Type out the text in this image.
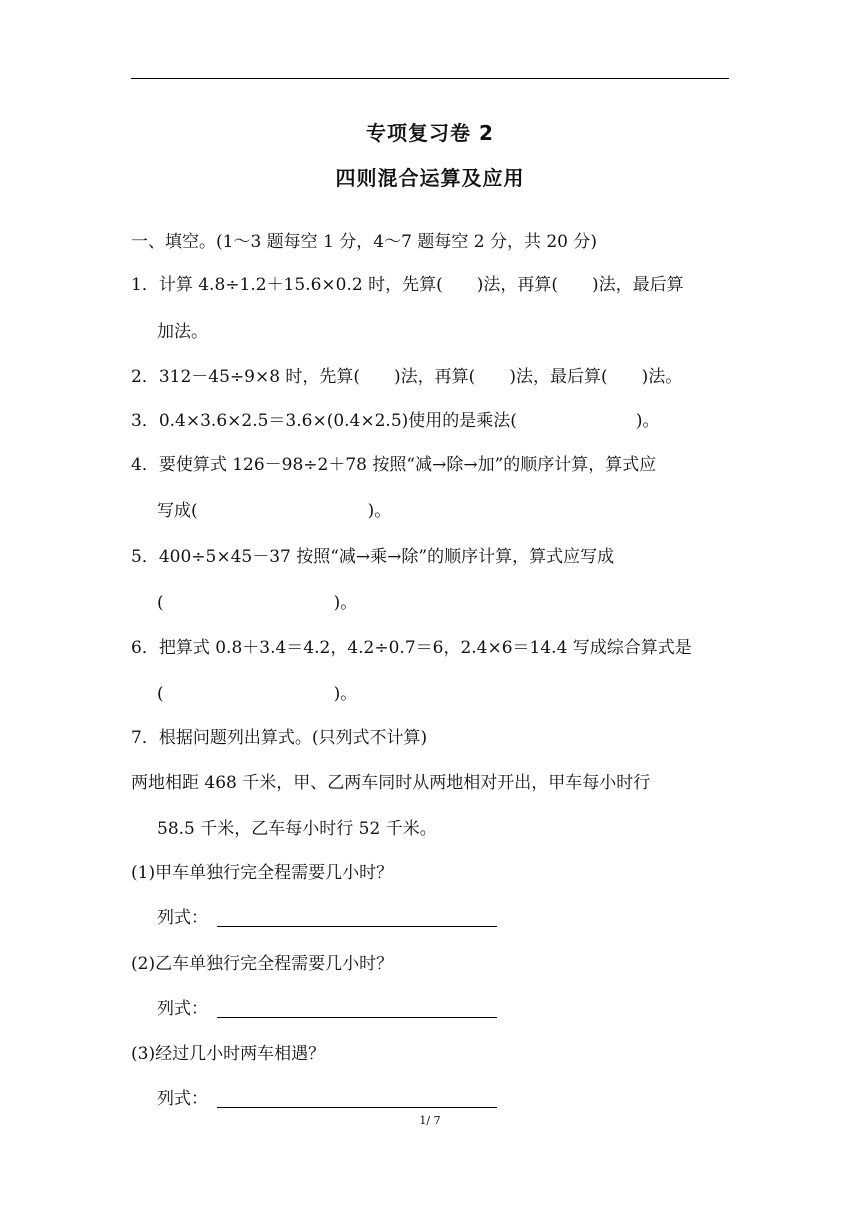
专项复习卷 2
四则混合运算及应用
一、填空。(1～3 题每空 1 分，4～7 题每空 2 分，共 20 分)
1．计算 4.8÷1.2＋15.6×0.2 时，先算(　　)法，再算(　　)法，最后算
加法。
2．312－45÷9×8 时，先算(　　)法，再算(　　)法，最后算(　　)法。
3．0.4×3.6×2.5＝3.6×(0.4×2.5)使用的是乘法(　　　　　　　)。
4．要使算式 126－98÷2＋78 按照“减→除→加”的顺序计算，算式应
写成(　　　　　　　　　　)。
5．400÷5×45－37 按照“减→乘→除”的顺序计算，算式应写成
(　　　　　　　　　　)。
6．把算式 0.8＋3.4＝4.2，4.2÷0.7＝6，2.4×6＝14.4 写成综合算式是
(　　　　　　　　　　)。
7．根据问题列出算式。(只列式不计算)
两地相距 468 千米，甲、乙两车同时从两地相对开出，甲车每小时行
58.5 千米，乙车每小时行 52 千米。
(1)甲车单独行完全程需要几小时？
列式：
(2)乙车单独行完全程需要几小时？
列式：
(3)经过几小时两车相遇？
列式：
1/ 7
